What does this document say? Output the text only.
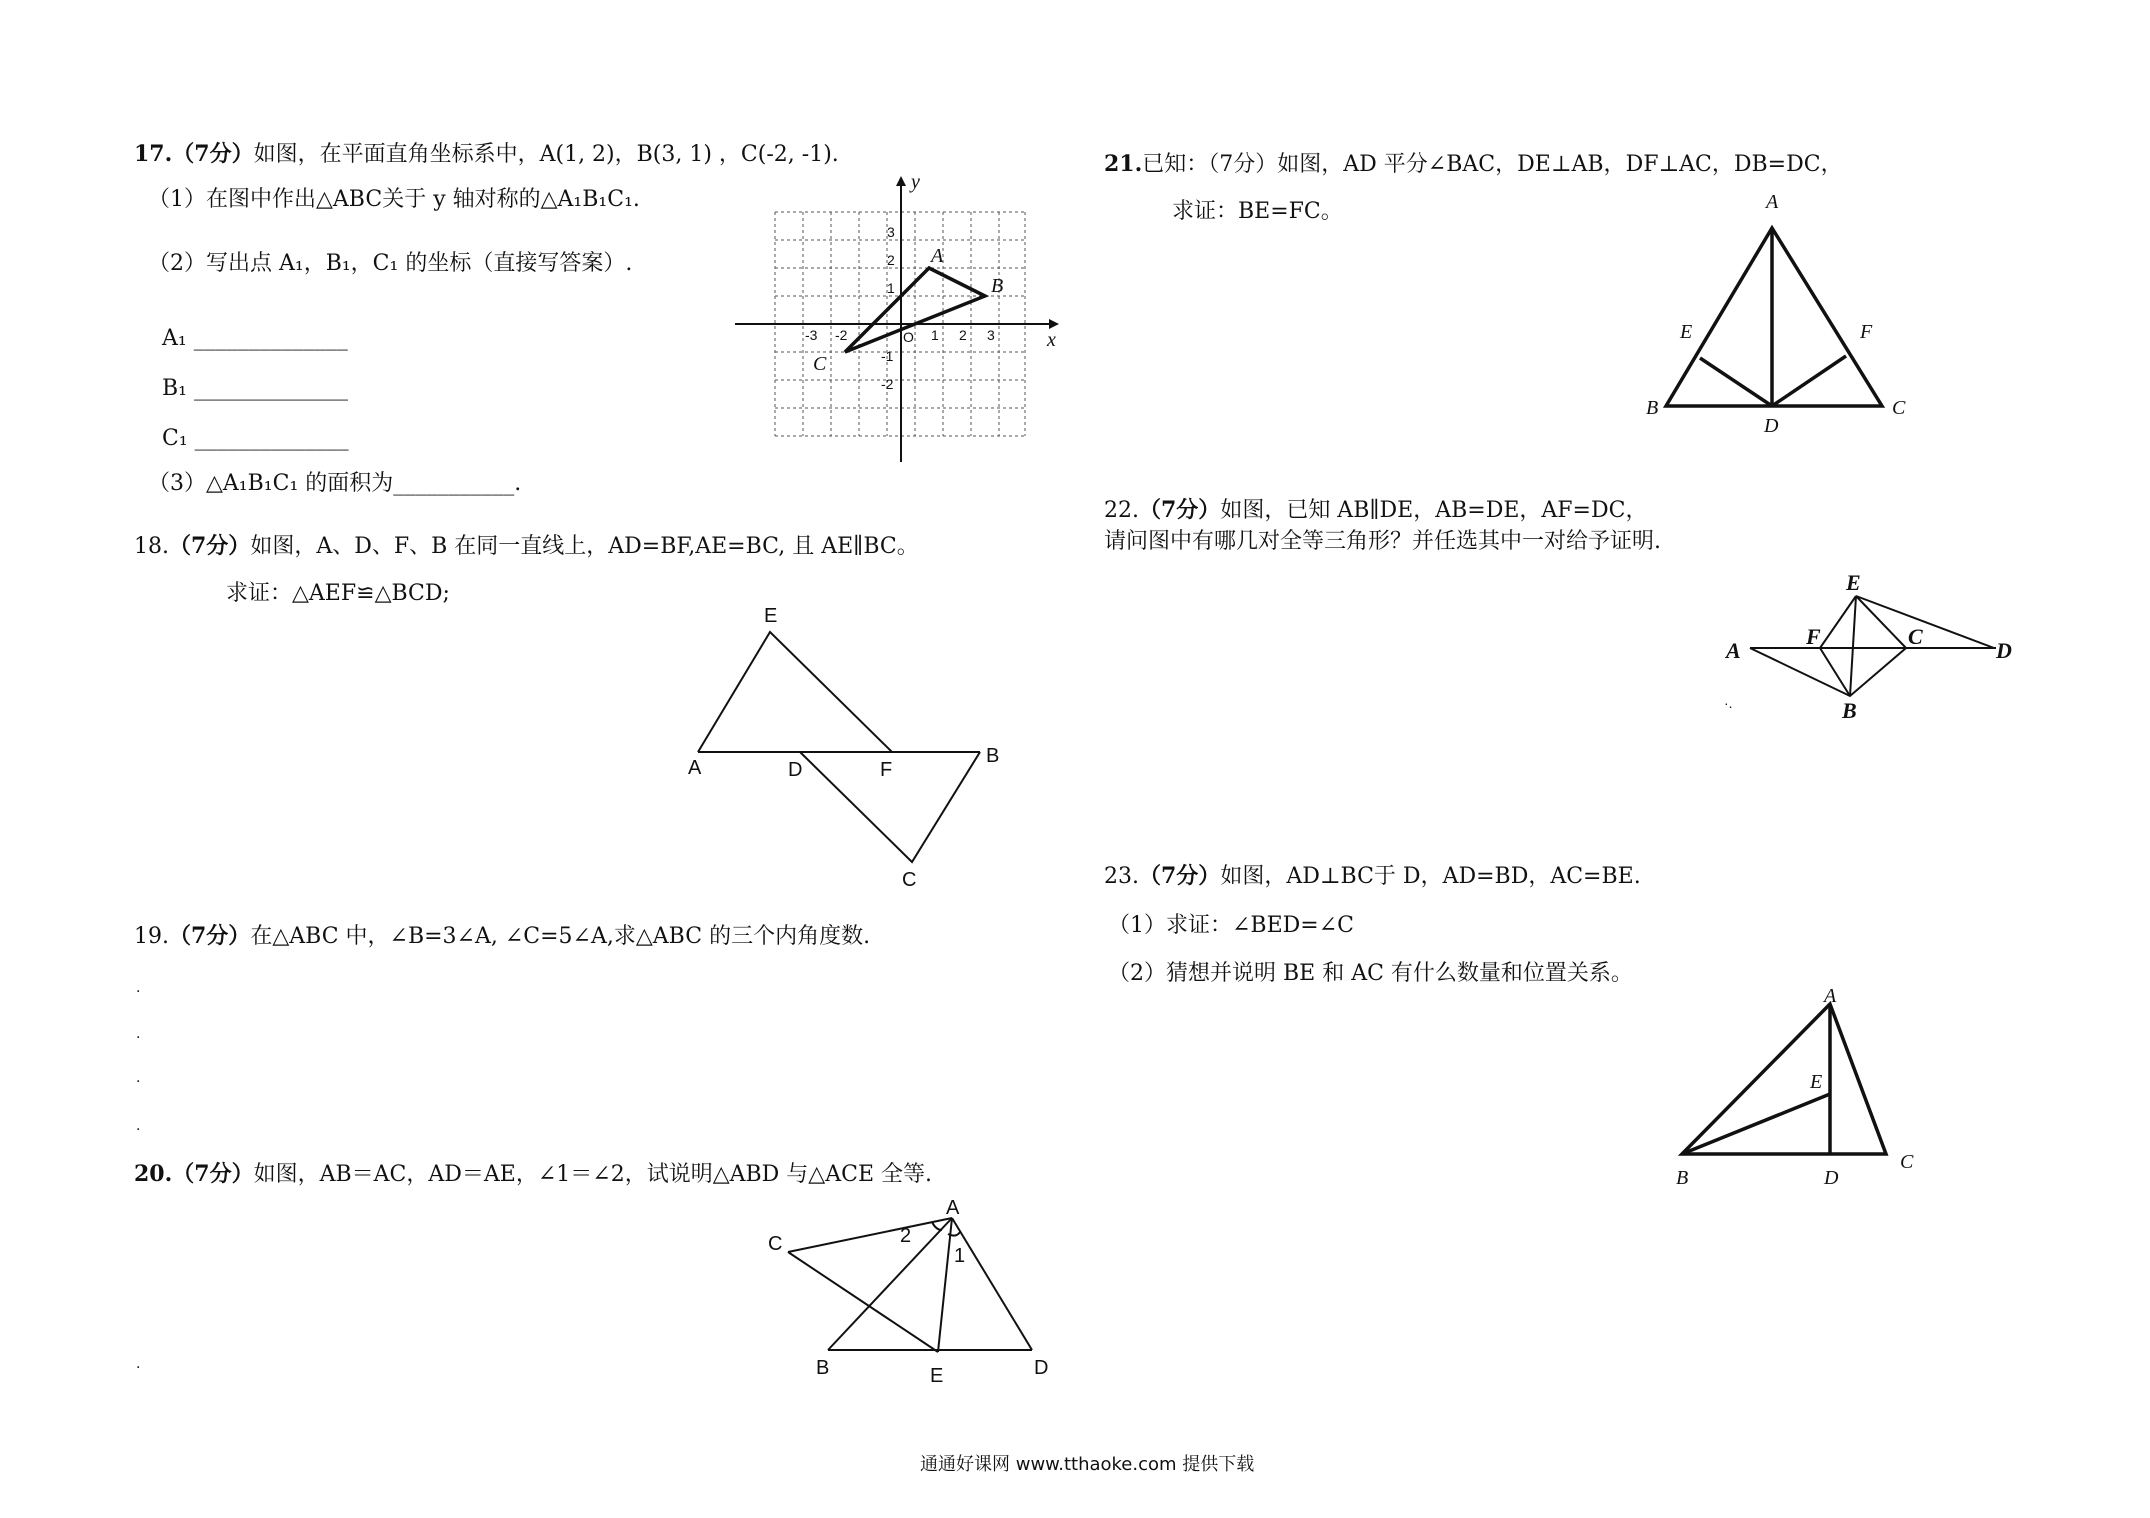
17.（7分）如图，在平面直角坐标系中，A(1, 2)，B(3, 1) ，C(-2, -1).
（1）在图中作出△ABC关于 y 轴对称的△A₁B₁C₁.
（2）写出点 A₁，B₁，C₁ 的坐标（直接写答案）.
A₁ ______________
B₁ ______________
C₁ ______________
（3）△A₁B₁C₁ 的面积为___________.
x
y
O
-3 -2	1 2 3
3
2
1
-1
-2
A
B
C
18.（7分）如图，A、D、F、B 在同一直线上，AD=BF,AE=BC, 且 AE∥BC。
求证：△AEF≌△BCD;
E
A	D	F
B
C
19.（7分）在△ABC 中，∠B=3∠A, ∠C=5∠A,求△ABC 的三个内角度数.
·
·
·
·
20.（7分）如图，AB＝AC，AD＝AE，∠1＝∠2，试说明△ABD 与△ACE 全等.
·
C
A
2
1
B	E	D
21.已知：（7分）如图，AD 平分∠BAC，DE⊥AB，DF⊥AC，DB=DC，
求证：BE=FC。	A
E	F
B
D
C
22.（7分）如图，已知 AB∥DE，AB=DE，AF=DC，
请问图中有哪几对全等三角形？并任选其中一对给予证明.
E
A
F	C
D
B
·.
23.（7分）如图，AD⊥BC于 D，AD=BD，AC=BE.
（1）求证：∠BED=∠C
（2）猜想并说明 BE 和 AC 有什么数量和位置关系。
A
E
B	D
C
通通好课网 www.tthaoke.com 提供下载
